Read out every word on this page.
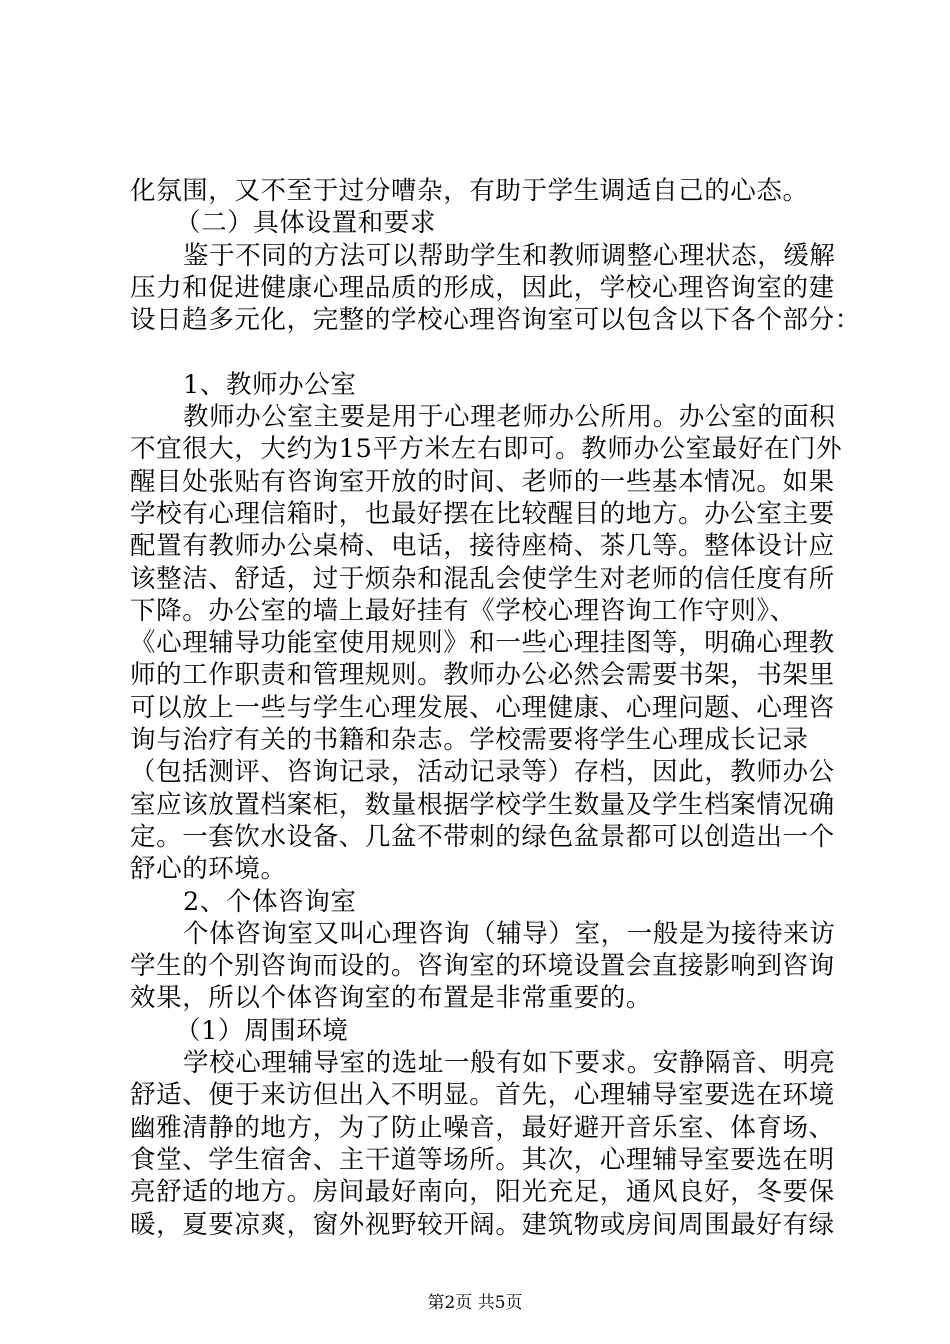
化氛围，又不至于过分嘈杂，有助于学生调适自己的心态。
（二）具体设置和要求
鉴于不同的方法可以帮助学生和教师调整心理状态，缓解
压力和促进健康心理品质的形成，因此，学校心理咨询室的建
设日趋多元化，完整的学校心理咨询室可以包含以下各个部分：
1、教师办公室
教师办公室主要是用于心理老师办公所用。办公室的面积
不宜很大，大约为15平方米左右即可。教师办公室最好在门外
醒目处张贴有咨询室开放的时间、老师的一些基本情况。如果
学校有心理信箱时，也最好摆在比较醒目的地方。办公室主要
配置有教师办公桌椅、电话，接待座椅、茶几等。整体设计应
该整洁、舒适，过于烦杂和混乱会使学生对老师的信任度有所
下降。办公室的墙上最好挂有《学校心理咨询工作守则》、
《心理辅导功能室使用规则》和一些心理挂图等，明确心理教
师的工作职责和管理规则。教师办公必然会需要书架，书架里
可以放上一些与学生心理发展、心理健康、心理问题、心理咨
询与治疗有关的书籍和杂志。学校需要将学生心理成长记录
（包括测评、咨询记录，活动记录等）存档，因此，教师办公
室应该放置档案柜，数量根据学校学生数量及学生档案情况确
定。一套饮水设备、几盆不带刺的绿色盆景都可以创造出一个
舒心的环境。
2、个体咨询室
个体咨询室又叫心理咨询（辅导）室，一般是为接待来访
学生的个别咨询而设的。咨询室的环境设置会直接影响到咨询
效果，所以个体咨询室的布置是非常重要的。
（1）周围环境
学校心理辅导室的选址一般有如下要求。安静隔音、明亮
舒适、便于来访但出入不明显。首先，心理辅导室要选在环境
幽雅清静的地方，为了防止噪音，最好避开音乐室、体育场、
食堂、学生宿舍、主干道等场所。其次，心理辅导室要选在明
亮舒适的地方。房间最好南向，阳光充足，通风良好，冬要保
暖，夏要凉爽，窗外视野较开阔。建筑物或房间周围最好有绿
第2页 共5页
